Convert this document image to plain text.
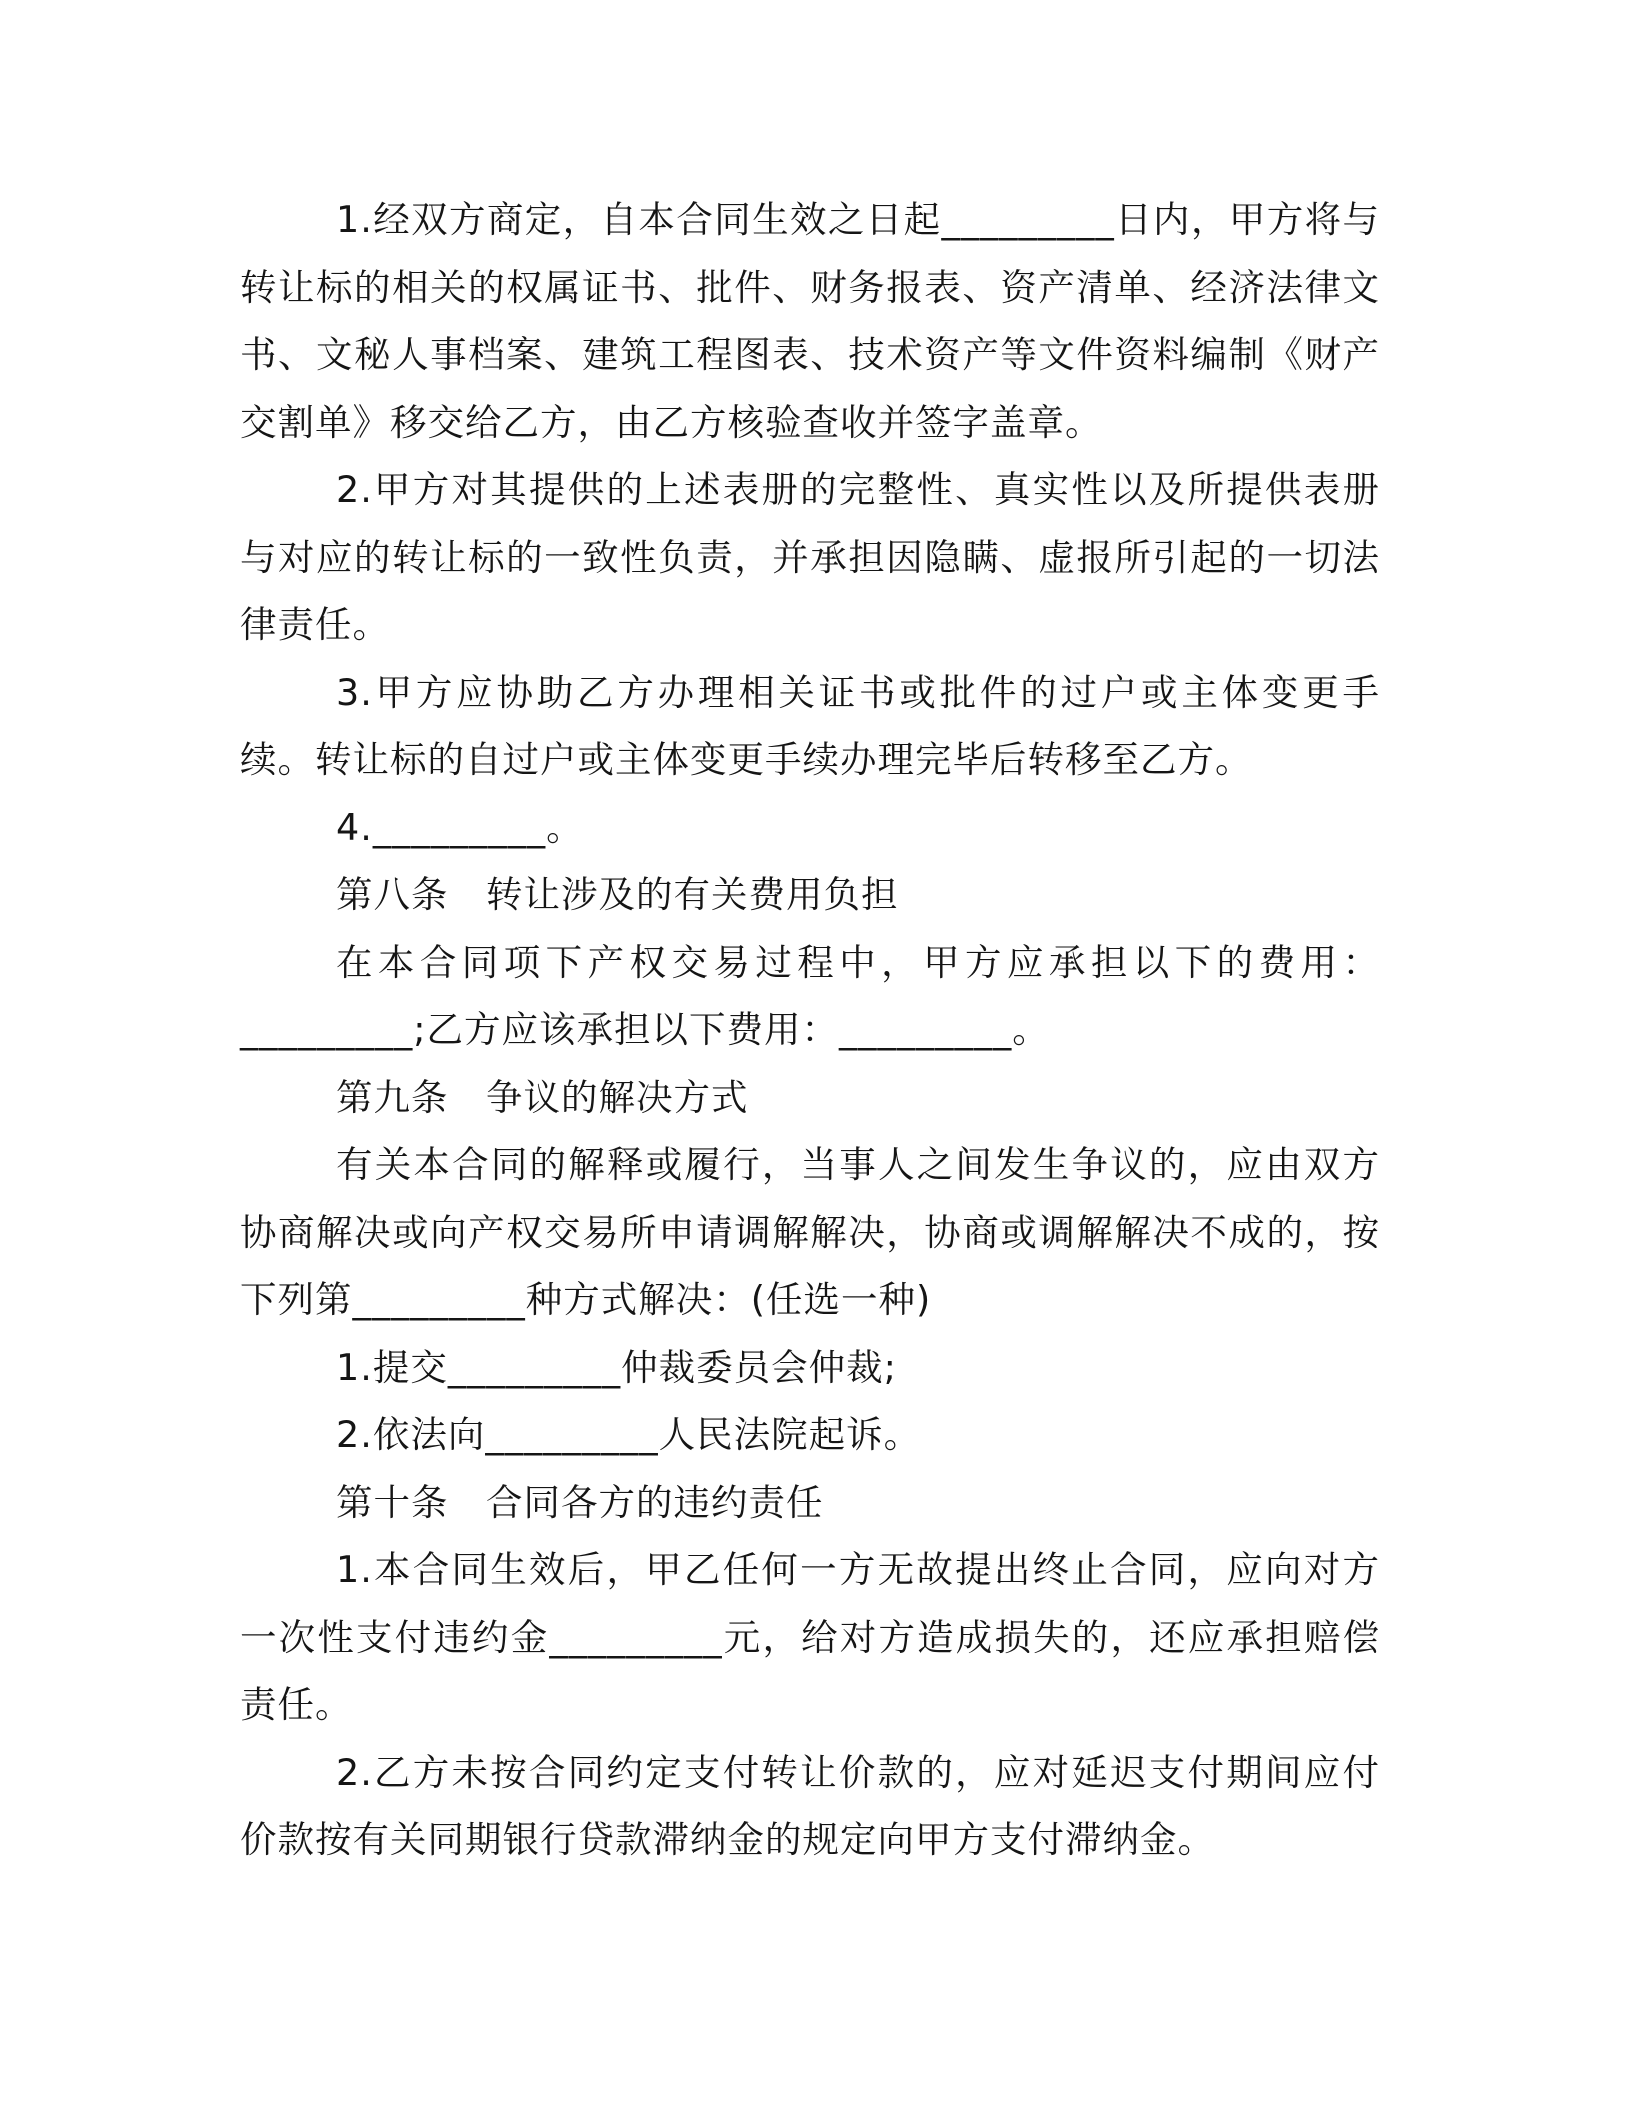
1.经双方商定，自本合同生效之日起_________日内，甲方将与转让标的相关的权属证书、批件、财务报表、资产清单、经济法律文书、文秘人事档案、建筑工程图表、技术资产等文件资料编制《财产交割单》移交给乙方，由乙方核验查收并签字盖章。

2.甲方对其提供的上述表册的完整性、真实性以及所提供表册与对应的转让标的一致性负责，并承担因隐瞒、虚报所引起的一切法律责任。

3.甲方应协助乙方办理相关证书或批件的过户或主体变更手续。转让标的自过户或主体变更手续办理完毕后转移至乙方。

4._________。

第八条　转让涉及的有关费用负担

在本合同项下产权交易过程中，甲方应承担以下的费用：_________;乙方应该承担以下费用：_________。

第九条　争议的解决方式

有关本合同的解释或履行，当事人之间发生争议的，应由双方协商解决或向产权交易所申请调解解决，协商或调解解决不成的，按下列第_________种方式解决：(任选一种)

1.提交_________仲裁委员会仲裁;

2.依法向_________人民法院起诉。

第十条　合同各方的违约责任

1.本合同生效后，甲乙任何一方无故提出终止合同，应向对方一次性支付违约金_________元，给对方造成损失的，还应承担赔偿责任。

2.乙方未按合同约定支付转让价款的，应对延迟支付期间应付价款按有关同期银行贷款滞纳金的规定向甲方支付滞纳金。
